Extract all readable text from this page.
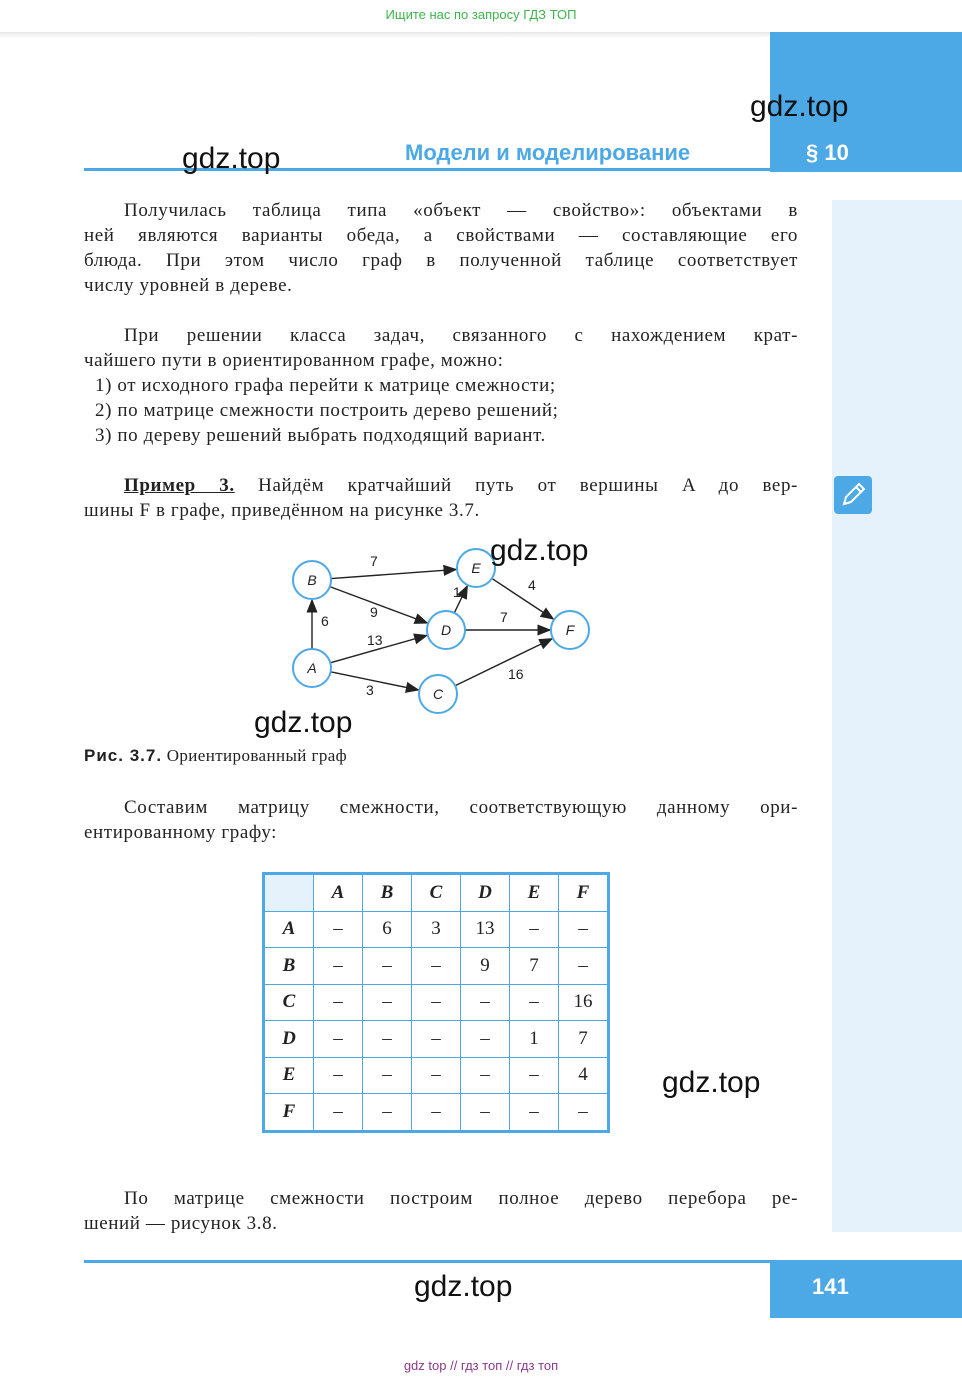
Ищите нас по запросу ГДЗ ТОП
Модели и моделирование	§ 10
gdz.top
gdz.top
Получилась таблица типа «объект — свойство»: объектами в
ней являются варианты обеда, а свойствами — составляющие его
блюда. При этом число граф в полученной таблице соответствует
числу уровней в дереве.
При решении класса задач, связанного с нахождением крат-
чайшего пути в ориентированном графе, можно:
1) от исходного графа перейти к матрице смежности;
2) по матрице смежности построить дерево решений;
3) по дереву решений выбрать подходящий вариант.
Пример 3. Найдём кратчайший путь от вершины A до вер-
шины F в графе, приведённом на рисунке 3.7.
6
13
3
7
9
1
7
4
16
A
B
C
D
E
F
gdz.top
gdz.top
Рис. 3.7. Ориентированный граф
Составим матрицу смежности, соответствующую данному ори-
ентированному графу:
	A	B	C	D	E	F
A	–	6	3	13	–	–
B	–	–	–	9	7	–
C	–	–	–	–	–	16
D	–	–	–	–	1	7
E	–	–	–	–	–	4
F	–	–	–	–	–	–
gdz.top
По матрице смежности построим полное дерево перебора ре-
шений — рисунок 3.8.
141
gdz.top
gdz top // гдз топ // гдз топ
